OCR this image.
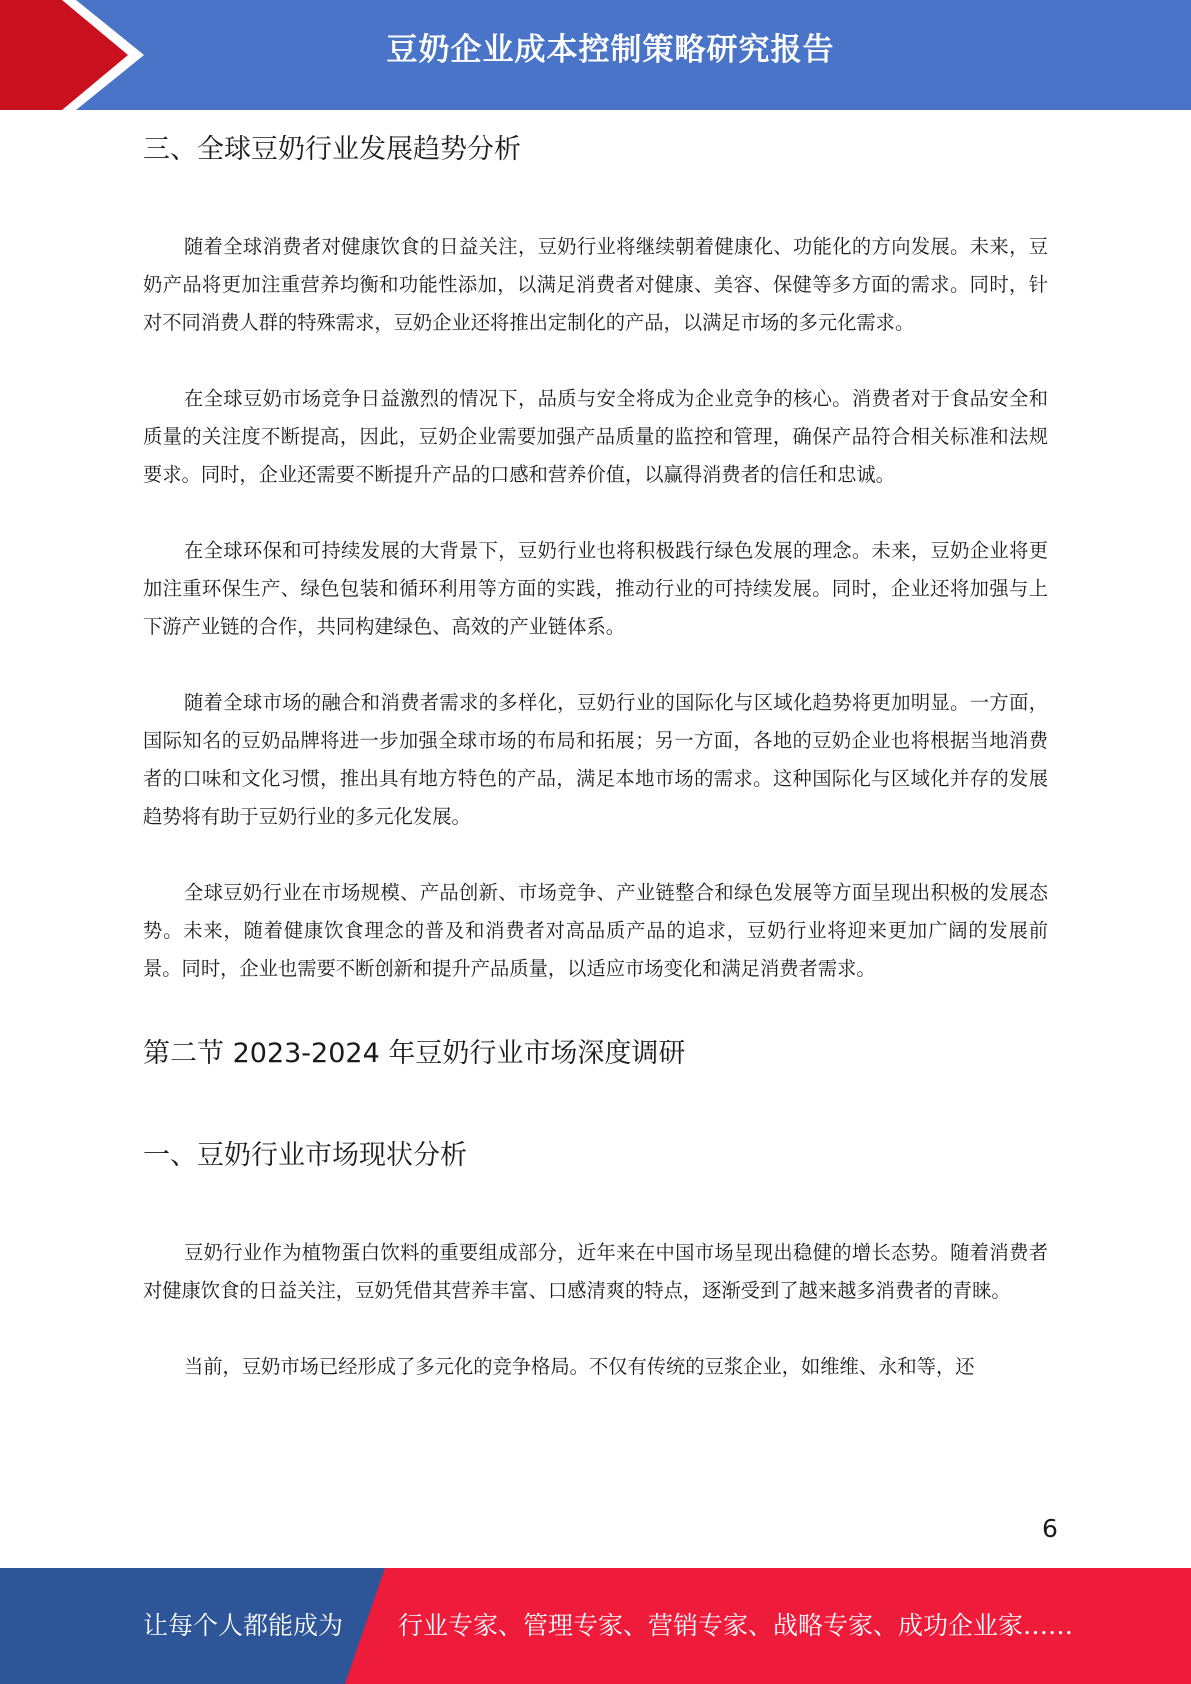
豆奶企业成本控制策略研究报告
三、全球豆奶行业发展趋势分析

随着全球消费者对健康饮食的日益关注，豆奶行业将继续朝着健康化、功能化的方向发展。未来，豆奶产品将更加注重营养均衡和功能性添加，以满足消费者对健康、美容、保健等多方面的需求。同时，针对不同消费人群的特殊需求，豆奶企业还将推出定制化的产品，以满足市场的多元化需求。

在全球豆奶市场竞争日益激烈的情况下，品质与安全将成为企业竞争的核心。消费者对于食品安全和质量的关注度不断提高，因此，豆奶企业需要加强产品质量的监控和管理，确保产品符合相关标准和法规要求。同时，企业还需要不断提升产品的口感和营养价值，以赢得消费者的信任和忠诚。

在全球环保和可持续发展的大背景下，豆奶行业也将积极践行绿色发展的理念。未来，豆奶企业将更加注重环保生产、绿色包装和循环利用等方面的实践，推动行业的可持续发展。同时，企业还将加强与上下游产业链的合作，共同构建绿色、高效的产业链体系。

随着全球市场的融合和消费者需求的多样化，豆奶行业的国际化与区域化趋势将更加明显。一方面，国际知名的豆奶品牌将进一步加强全球市场的布局和拓展；另一方面，各地的豆奶企业也将根据当地消费者的口味和文化习惯，推出具有地方特色的产品，满足本地市场的需求。这种国际化与区域化并存的发展趋势将有助于豆奶行业的多元化发展。

全球豆奶行业在市场规模、产品创新、市场竞争、产业链整合和绿色发展等方面呈现出积极的发展态势。未来，随着健康饮食理念的普及和消费者对高品质产品的追求，豆奶行业将迎来更加广阔的发展前景。同时，企业也需要不断创新和提升产品质量，以适应市场变化和满足消费者需求。

第二节 2023-2024 年豆奶行业市场深度调研
一、豆奶行业市场现状分析

豆奶行业作为植物蛋白饮料的重要组成部分，近年来在中国市场呈现出稳健的增长态势。随着消费者对健康饮食的日益关注，豆奶凭借其营养丰富、口感清爽的特点，逐渐受到了越来越多消费者的青睐。

当前，豆奶市场已经形成了多元化的竞争格局。不仅有传统的豆浆企业，如维维、永和等，还

6
让每个人都能成为 行业专家、管理专家、营销专家、战略专家、成功企业家……
